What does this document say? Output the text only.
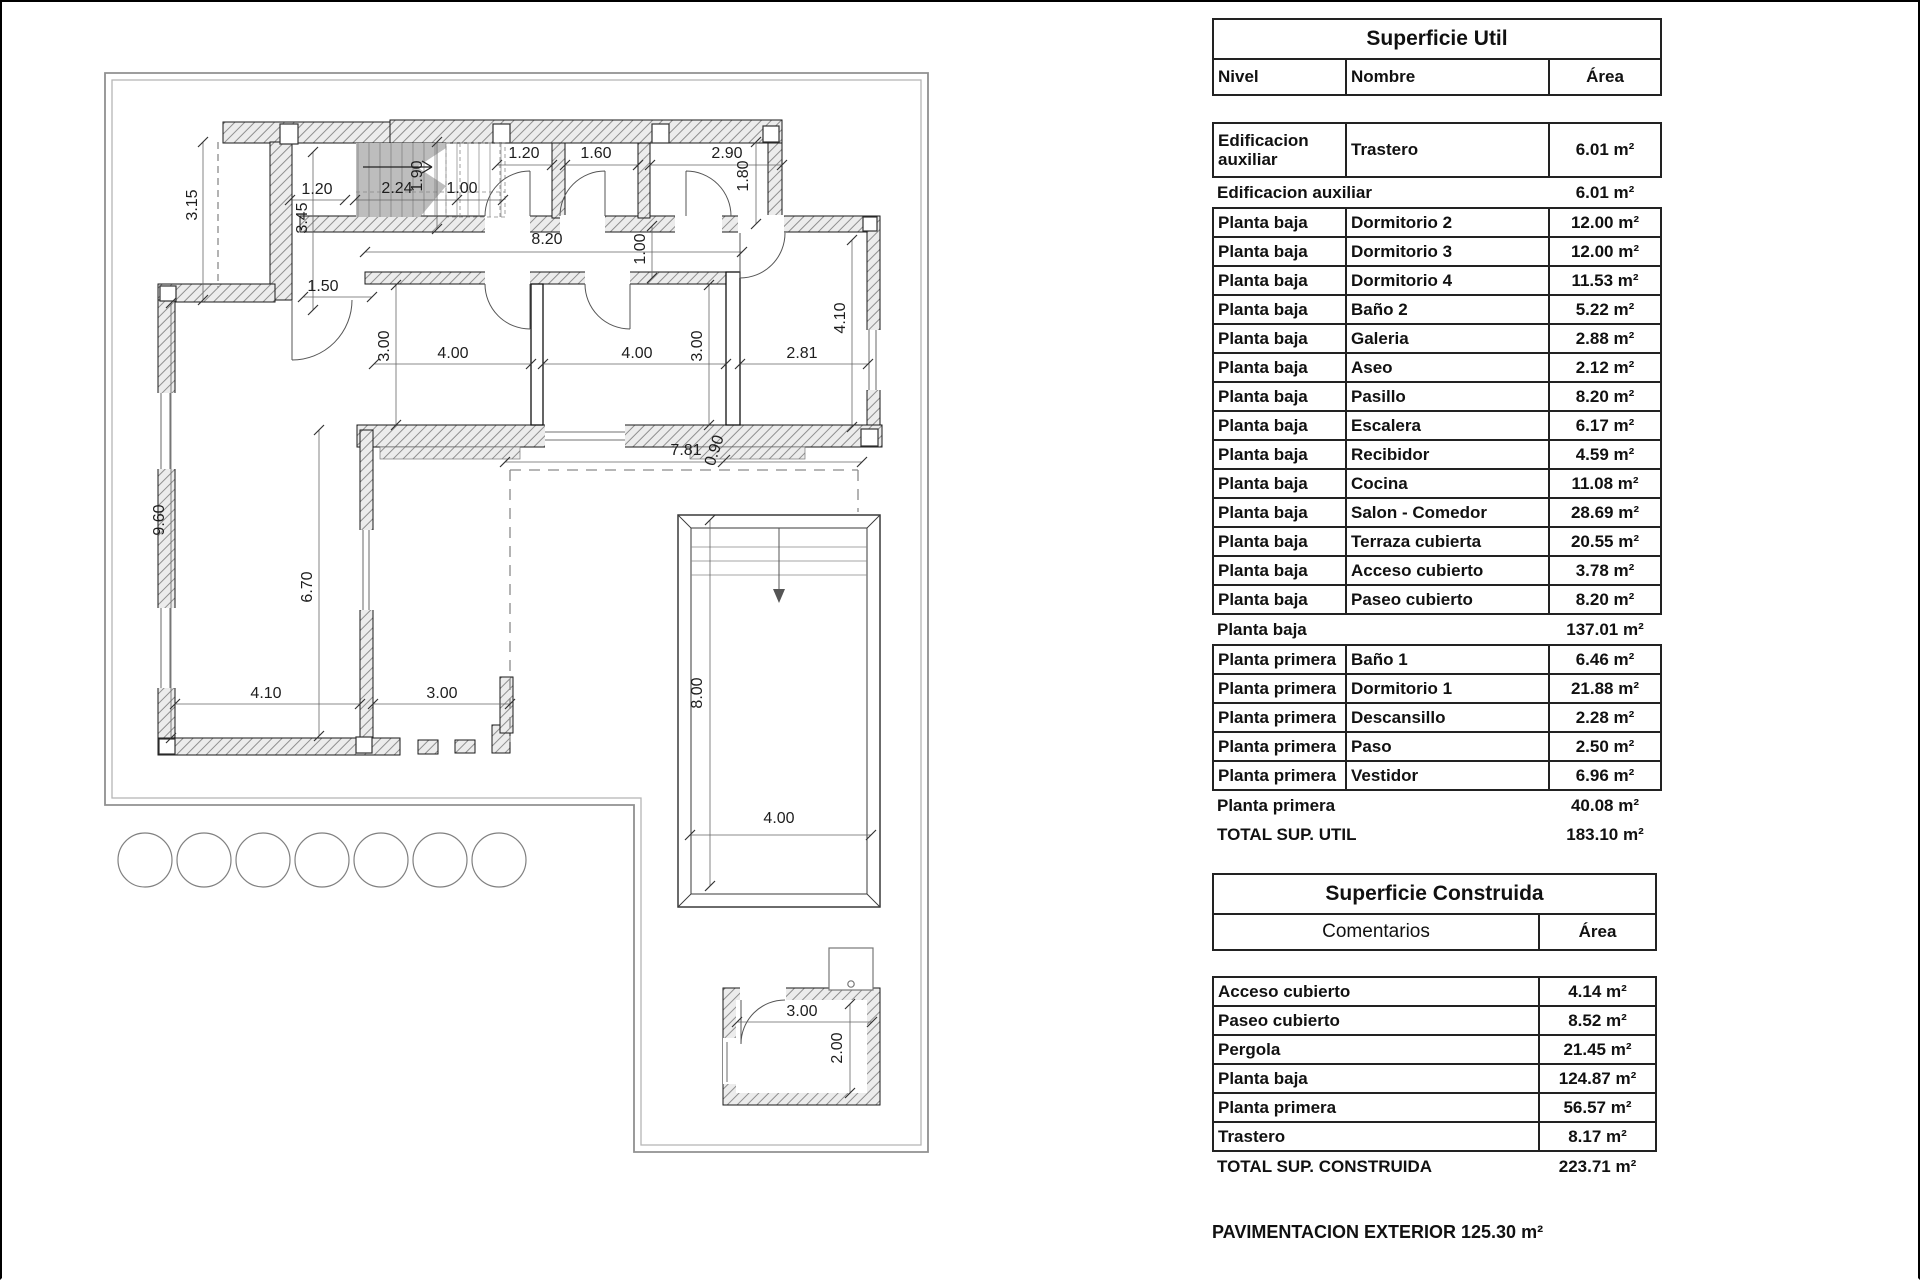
3.15	1.20
3.45
2.24
1.90 1.00
1.20	1.60	2.90
1.80
8.20	1.00
1.50
3.00	4.00	4.00 3.00	2.81
4.10
9.60
6.70
4.10	3.00
7.81 0.90
8.00
4.00
3.00
2.00
Superficie Util
Nivel	Nombre	Área
Edificacion auxiliar	Trastero	6.01 m²
Edificacion auxiliar		6.01 m²
Planta baja	Dormitorio 2	12.00 m²
Planta baja	Dormitorio 3	12.00 m²
Planta baja	Dormitorio 4	11.53 m²
Planta baja	Baño 2	5.22 m²
Planta baja	Galeria	2.88 m²
Planta baja	Aseo	2.12 m²
Planta baja	Pasillo	8.20 m²
Planta baja	Escalera	6.17 m²
Planta baja	Recibidor	4.59 m²
Planta baja	Cocina	11.08 m²
Planta baja	Salon - Comedor	28.69 m²
Planta baja	Terraza cubierta	20.55 m²
Planta baja	Acceso cubierto	3.78 m²
Planta baja	Paseo cubierto	8.20 m²
Planta baja		137.01 m²
Planta primera	Baño 1	6.46 m²
Planta primera	Dormitorio 1	21.88 m²
Planta primera	Descansillo	2.28 m²
Planta primera	Paso	2.50 m²
Planta primera	Vestidor	6.96 m²
Planta primera		40.08 m²
TOTAL SUP. UTIL		183.10 m²
Superficie Construida
Comentarios	Área
Acceso cubierto	4.14 m²
Paseo cubierto	8.52 m²
Pergola	21.45 m²
Planta baja	124.87 m²
Planta primera	56.57 m²
Trastero	8.17 m²
TOTAL SUP. CONSTRUIDA	223.71 m²
PAVIMENTACION EXTERIOR 125.30 m²
